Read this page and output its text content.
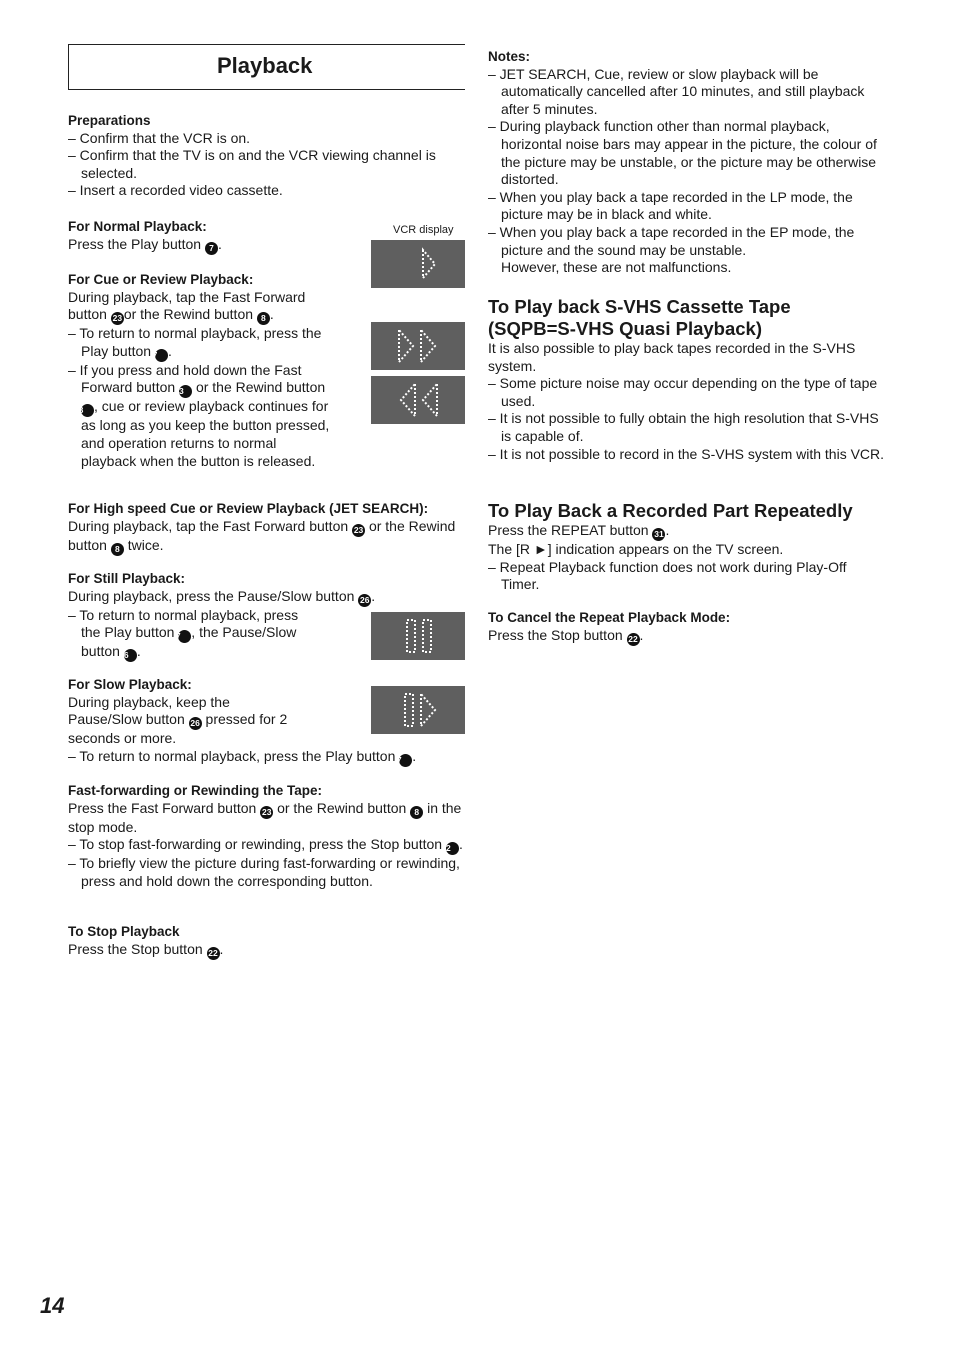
Playback
Preparations
– Confirm that the VCR is on.
– Confirm that the TV is on and the VCR viewing channel is selected.
– Insert a recorded video cassette.
VCR display
For Normal Playback:
Press the Play button 7 .
For Cue or Review Playback:
During playback, tap the Fast Forward button 23 or the Rewind button 8 .
– To return to normal playback, press the Play button 7 .
– If you press and hold down the Fast Forward button 23 or the Rewind button 8 , cue or review playback continues for as long as you keep the button pressed, and operation returns to normal playback when the button is released.
For High speed Cue or Review Playback (JET SEARCH):
During playback, tap the Fast Forward button 23 or the Rewind button 8 twice.
For Still Playback:
During playback, press the Pause/Slow button 26 .
– To return to normal playback, press the Play button 7 , the Pause/Slow button 26 .
For Slow Playback:
During playback, keep the Pause/Slow button 26 pressed for 2 seconds or more.
– To return to normal playback, press the Play button 7 .
Fast-forwarding or Rewinding the Tape:
Press the Fast Forward button 23 or the Rewind button 8 in the stop mode.
– To stop fast-forwarding or rewinding, press the Stop button 22 .
– To briefly view the picture during fast-forwarding or rewinding, press and hold down the corresponding button.
To Stop Playback
Press the Stop button 22 .
Notes:
– JET SEARCH, Cue, review or slow playback will be automatically cancelled after 10 minutes, and still playback after 5 minutes.
– During playback function other than normal playback, horizontal noise bars may appear in the picture, the colour of the picture may be unstable, or the picture may be otherwise distorted.
– When you play back a tape recorded in the LP mode, the picture may be in black and white.
– When you play back a tape recorded in the EP mode, the picture and the sound may be unstable.
However, these are not malfunctions.
To Play back S-VHS Cassette Tape (SQPB=S-VHS Quasi Playback)
It is also possible to play back tapes recorded in the S-VHS system.
– Some picture noise may occur depending on the type of tape used.
– It is not possible to fully obtain the high resolution that S-VHS is capable of.
– It is not possible to record in the S-VHS system with this VCR.
To Play Back a Recorded Part Repeatedly
Press the REPEAT button 31 .
The [R ►] indication appears on the TV screen.
– Repeat Playback function does not work during Play-Off Timer.
To Cancel the Repeat Playback Mode:
Press the Stop button 22 .
14
